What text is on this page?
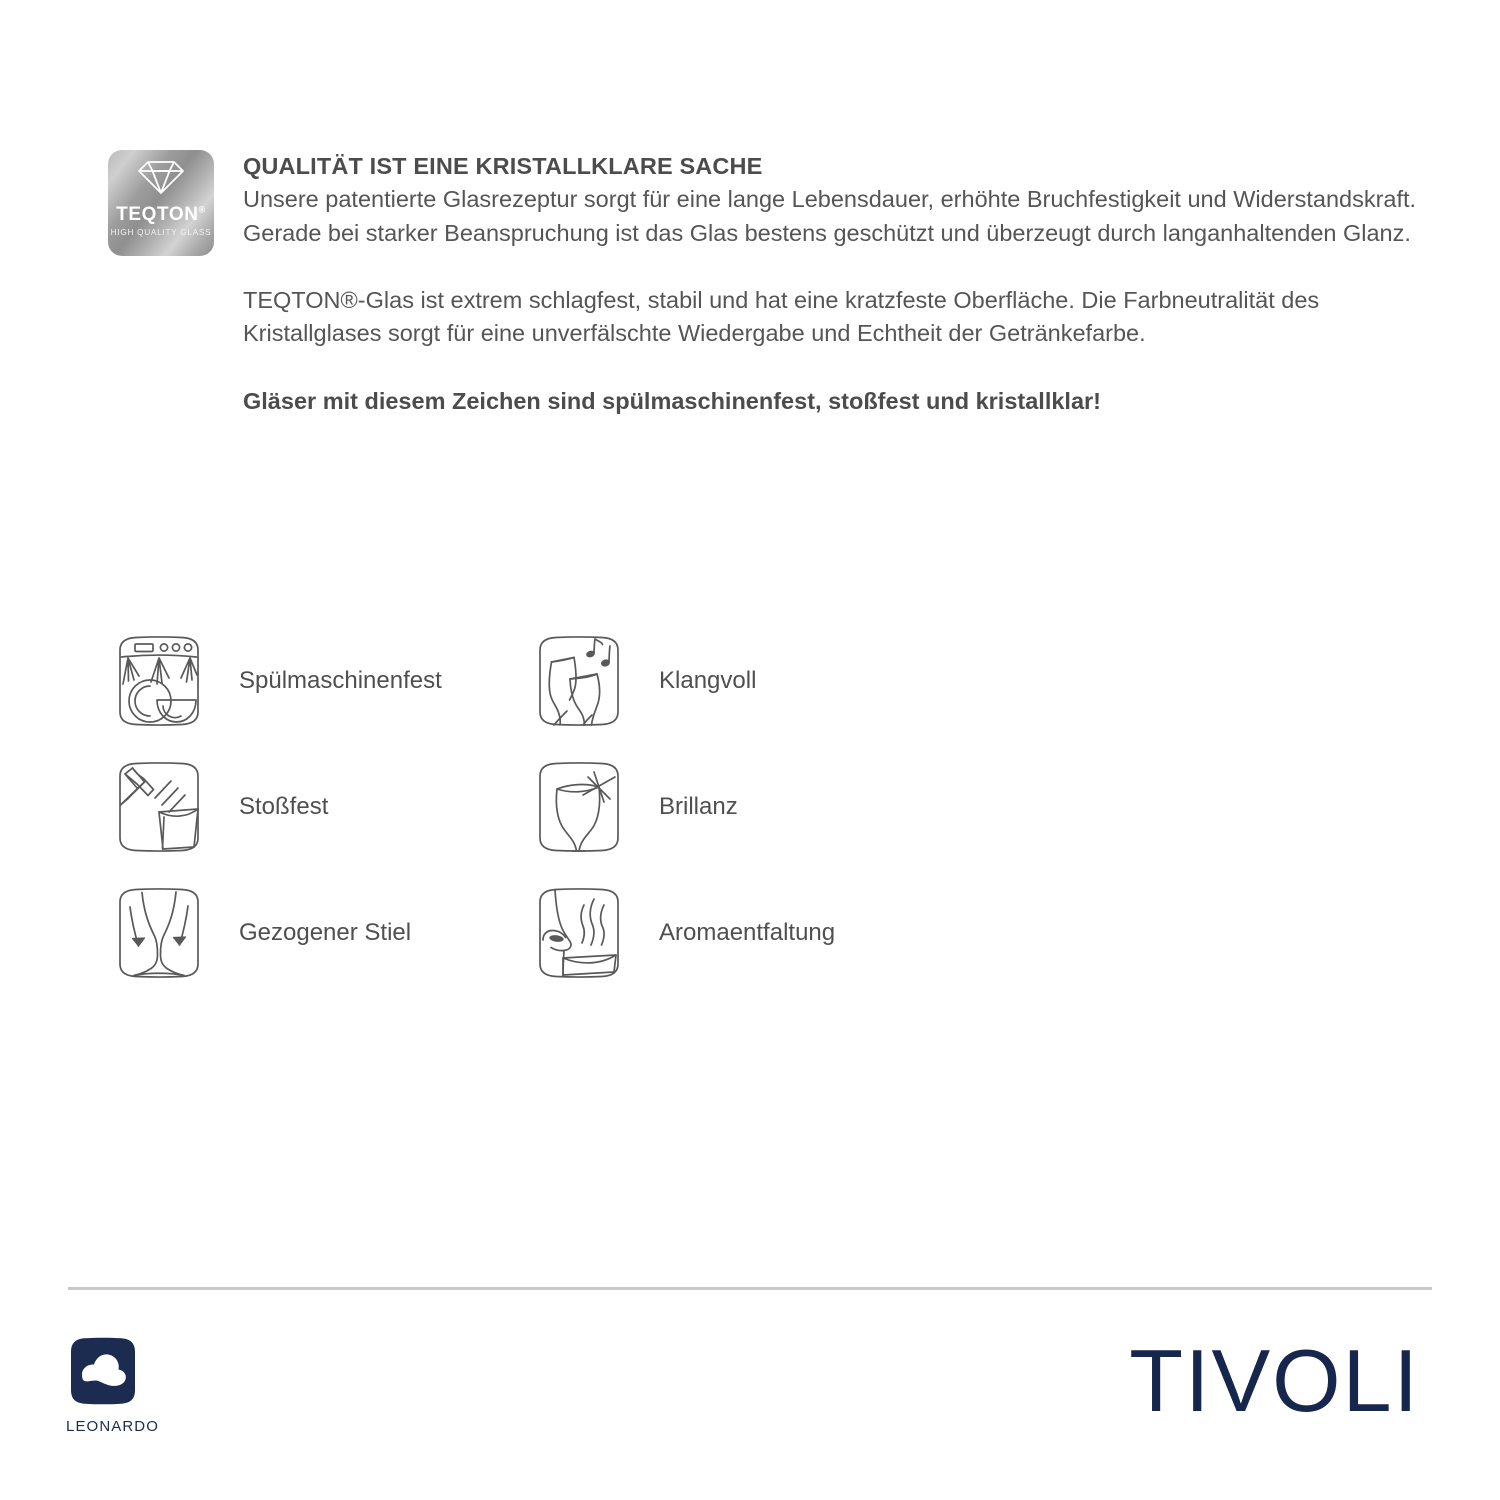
TEQTON®
HIGH QUALITY GLASS
QUALITÄT IST EINE KRISTALLKLARE SACHE
Unsere patentierte Glasrezeptur sorgt für eine lange Lebensdauer, erhöhte Bruchfestigkeit und Widerstandskraft. Gerade bei starker Beanspruchung ist das Glas bestens geschützt und überzeugt durch langanhaltenden Glanz.
TEQTON®-Glas ist extrem schlagfest, stabil und hat eine kratzfeste Oberfläche. Die Farbneutralität des Kristallglases sorgt für eine unverfälschte Wiedergabe und Echtheit der Getränkefarbe.
Gläser mit diesem Zeichen sind spülmaschinenfest, stoßfest und kristallklar!
Spülmaschinenfest	Klangvoll
Stoßfest	Brillanz
Gezogener Stiel	Aromaentfaltung
LEONARDO	TIVOLI
